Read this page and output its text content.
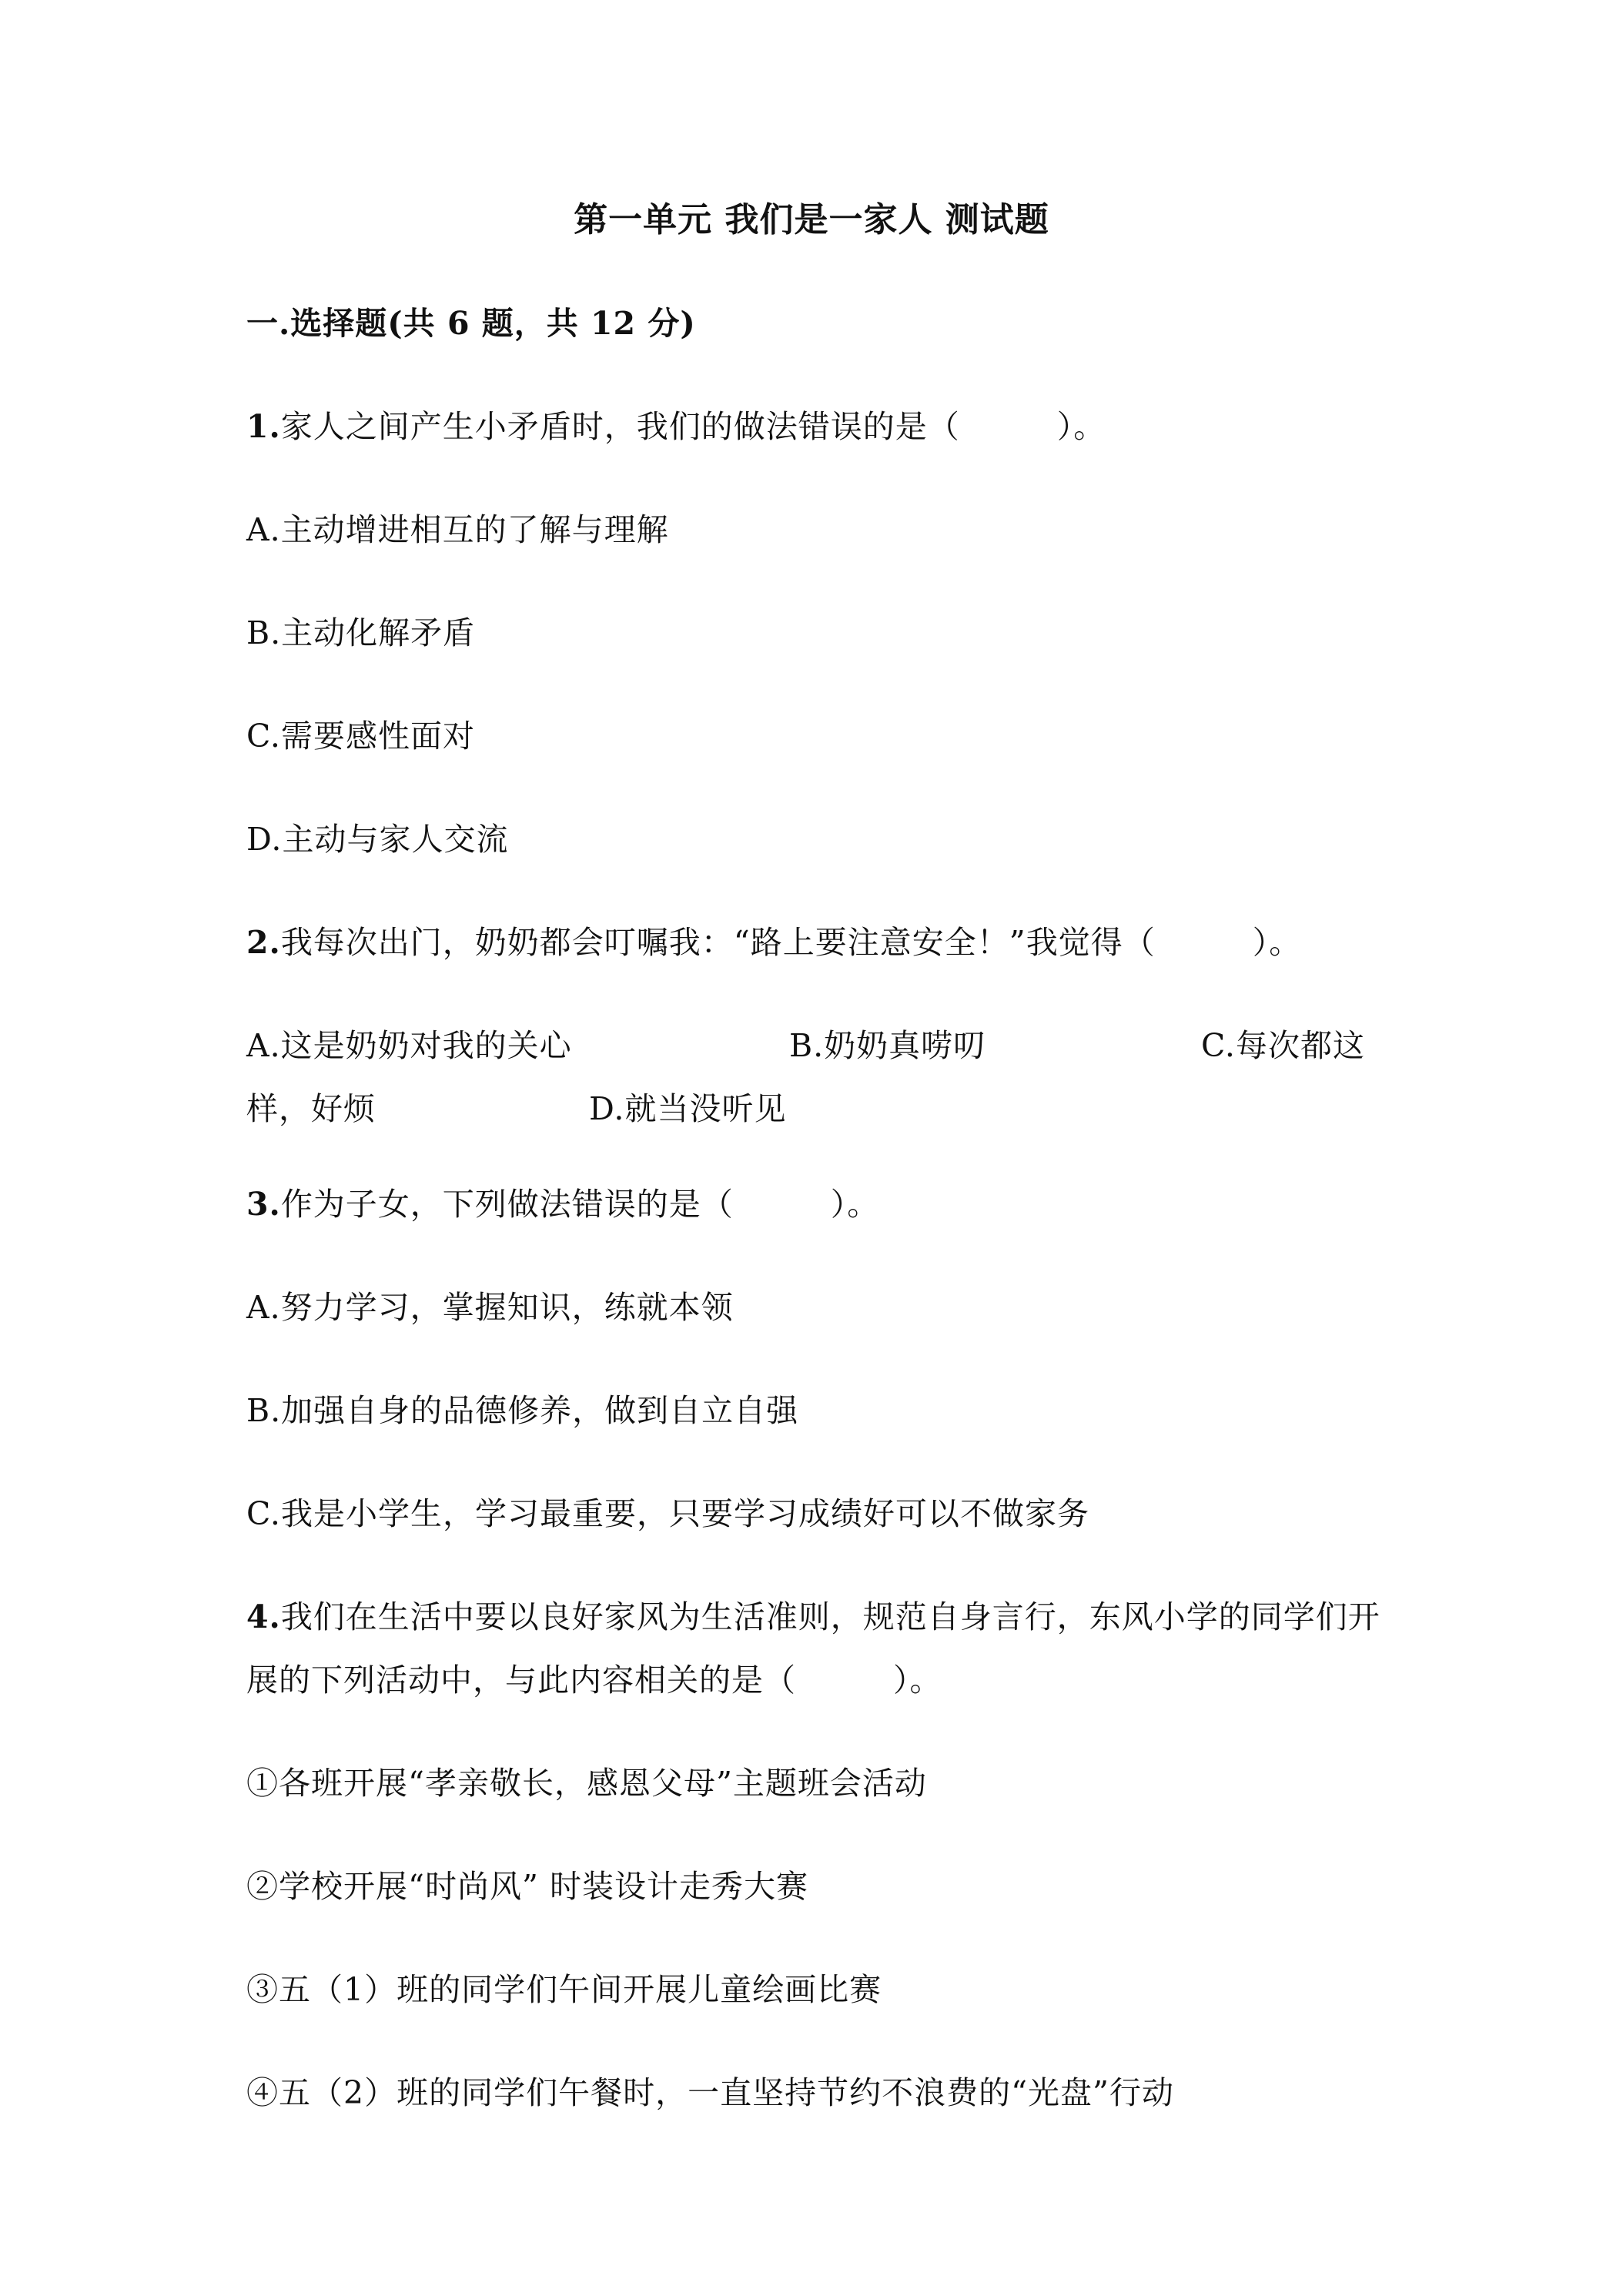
第一单元 我们是一家人 测试题
一.选择题(共 6 题，共 12 分)
1.家人之间产生小矛盾时，我们的做法错误的是（　　　）。
A.主动增进相互的了解与理解
B.主动化解矛盾
C.需要感性面对
D.主动与家人交流
2.我每次出门，奶奶都会叮嘱我：“路上要注意安全！”我觉得（　　　）。
A.这是奶奶对我的关心	B.奶奶真唠叨	C.每次都这
样，好烦	D.就当没听见
3.作为子女，下列做法错误的是（　　　）。
A.努力学习，掌握知识，练就本领
B.加强自身的品德修养，做到自立自强
C.我是小学生，学习最重要，只要学习成绩好可以不做家务
4.我们在生活中要以良好家风为生活准则，规范自身言行，东风小学的同学们开
展的下列活动中，与此内容相关的是（　　　）。
①各班开展“孝亲敬长，感恩父母”主题班会活动
②学校开展“时尚风” 时装设计走秀大赛
③五（1）班的同学们午间开展儿童绘画比赛
④五（2）班的同学们午餐时，一直坚持节约不浪费的“光盘”行动
